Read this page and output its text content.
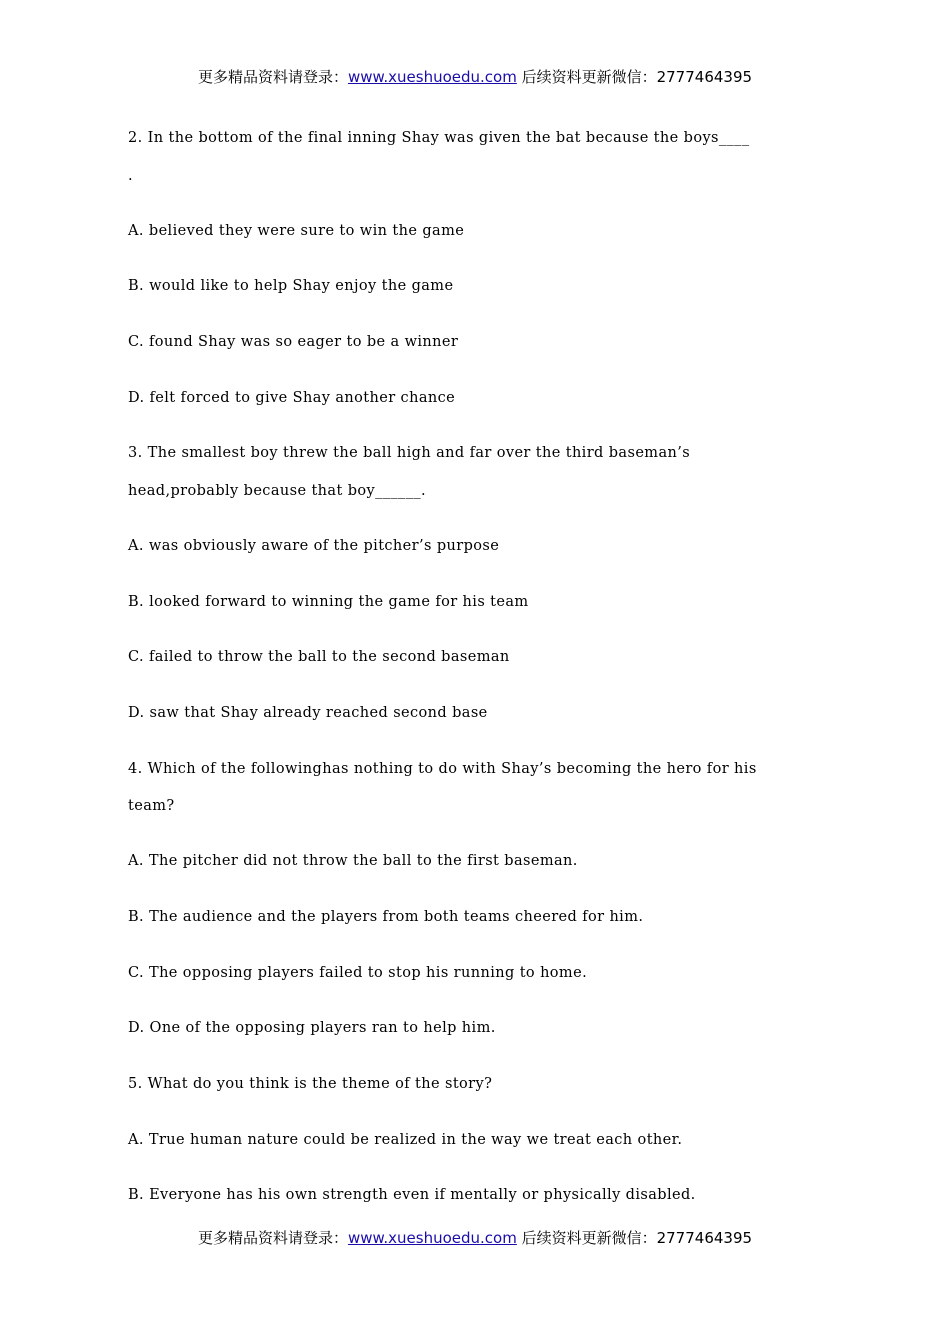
更多精品资料请登录：www.xueshuoedu.com 后续资料更新微信：2777464395
2. In the bottom of the final inning Shay was given the bat because the boys____
.
A. believed they were sure to win the game
B. would like to help Shay enjoy the game
C. found Shay was so eager to be a winner
D. felt forced to give Shay another chance
3. The smallest boy threw the ball high and far over the third baseman’s
head,probably because that boy______.
A. was obviously aware of the pitcher’s purpose
B. looked forward to winning the game for his team
C. failed to throw the ball to the second baseman
D. saw that Shay already reached second base
4. Which of the followinghas nothing to do with Shay’s becoming the hero for his
team?
A. The pitcher did not throw the ball to the first baseman.
B. The audience and the players from both teams cheered for him.
C. The opposing players failed to stop his running to home.
D. One of the opposing players ran to help him.
5. What do you think is the theme of the story?
A. True human nature could be realized in the way we treat each other.
B. Everyone has his own strength even if mentally or physically disabled.
更多精品资料请登录：www.xueshuoedu.com 后续资料更新微信：2777464395
